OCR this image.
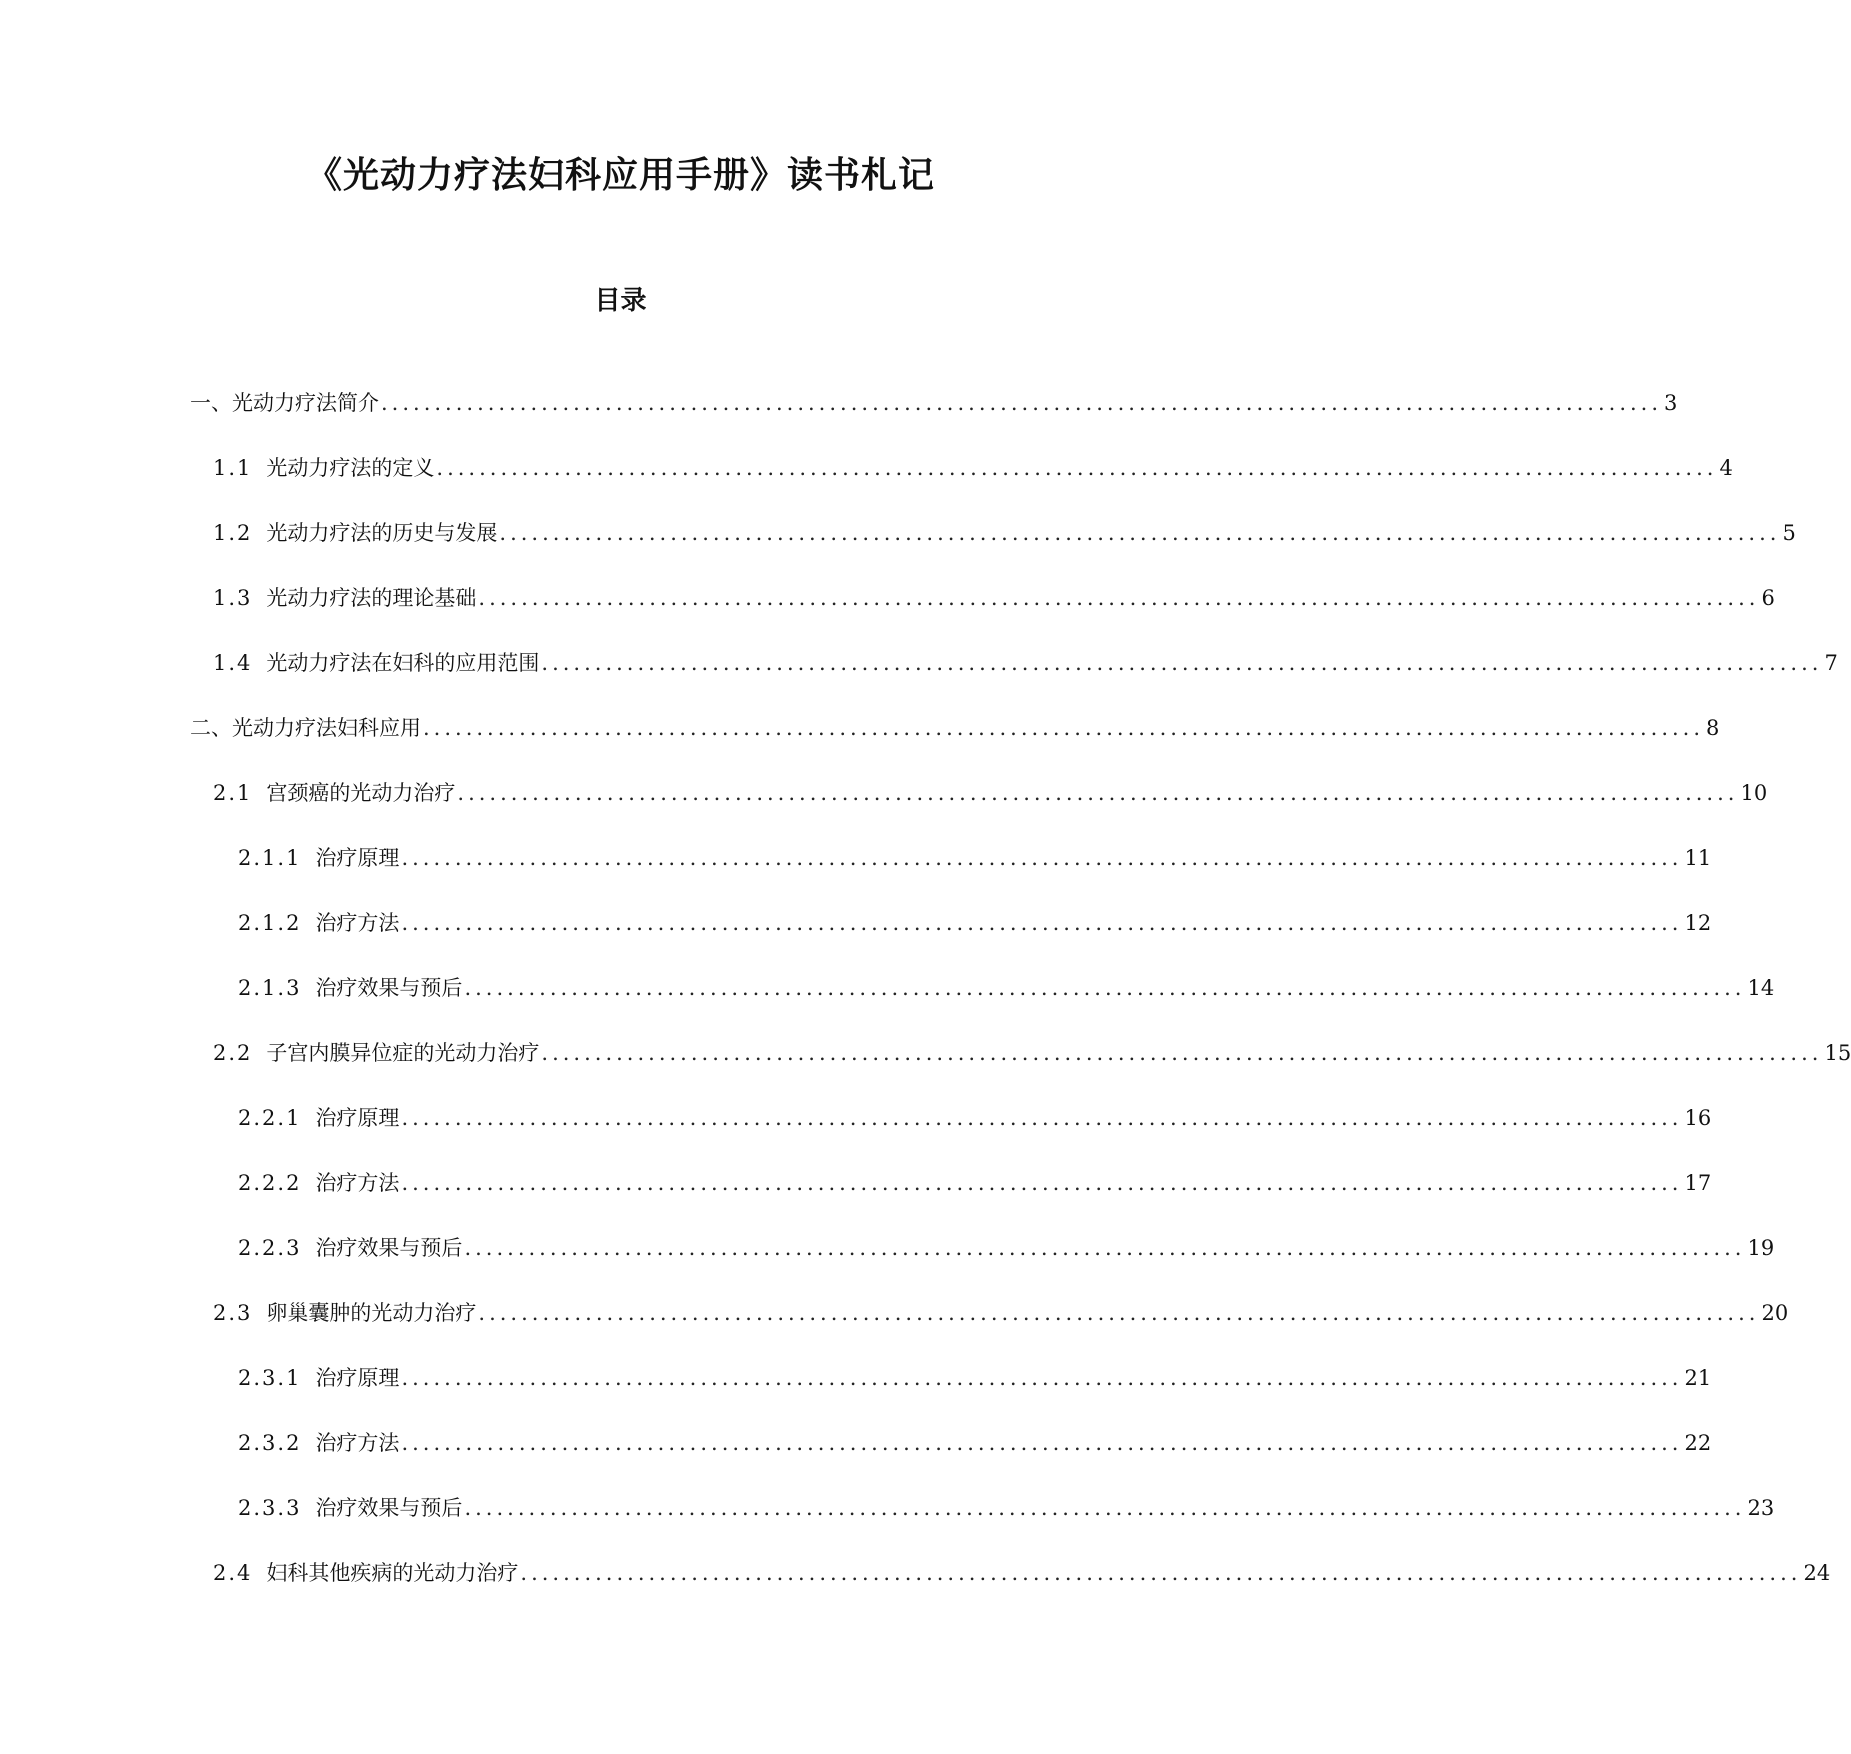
《光动力疗法妇科应用手册》读书札记
目录
一、 光动力疗法简介 ........................................................................................................................ 3
1.1 光动力疗法的定义 ........................................................................................................................ 4
1.2 光动力疗法的历史与发展 ........................................................................................................................ 5
1.3 光动力疗法的理论基础 ........................................................................................................................ 6
1.4 光动力疗法在妇科的应用范围 ........................................................................................................................ 7
二、 光动力疗法妇科应用 ........................................................................................................................ 8
2.1 宫颈癌的光动力治疗 ........................................................................................................................ 10
2.1.1 治疗原理 ........................................................................................................................ 11
2.1.2 治疗方法 ........................................................................................................................ 12
2.1.3 治疗效果与预后 ........................................................................................................................ 14
2.2 子宫内膜异位症的光动力治疗 ........................................................................................................................ 15
2.2.1 治疗原理 ........................................................................................................................ 16
2.2.2 治疗方法 ........................................................................................................................ 17
2.2.3 治疗效果与预后 ........................................................................................................................ 19
2.3 卵巢囊肿的光动力治疗 ........................................................................................................................ 20
2.3.1 治疗原理 ........................................................................................................................ 21
2.3.2 治疗方法 ........................................................................................................................ 22
2.3.3 治疗效果与预后 ........................................................................................................................ 23
2.4 妇科其他疾病的光动力治疗 ........................................................................................................................ 24
